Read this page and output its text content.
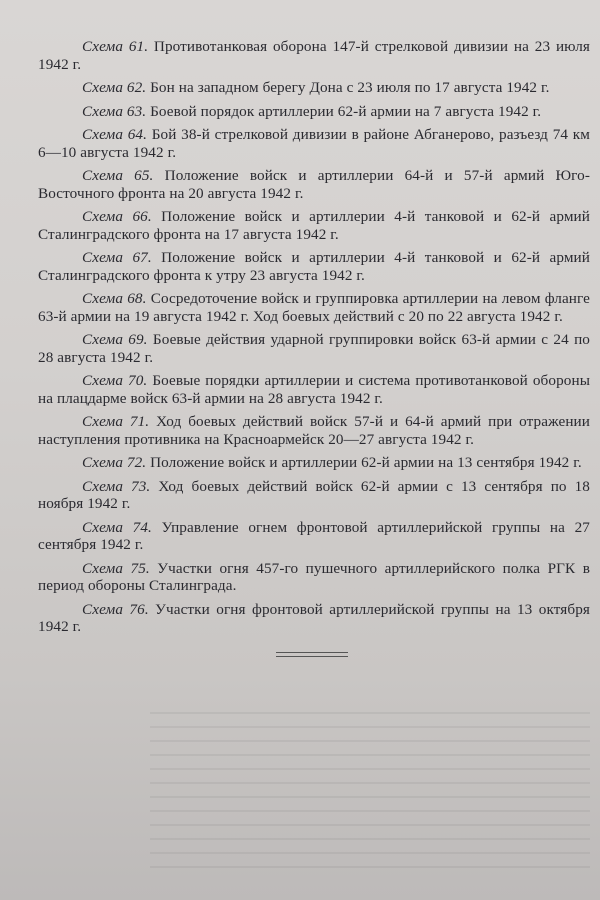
Схема 61. Противотанковая оборона 147-й стрелковой дивизии на 23 июля 1942 г.

Схема 62. Бон на западном берегу Дона с 23 июля по 17 августа 1942 г.

Схема 63. Боевой порядок артиллерии 62-й армии на 7 августа 1942 г.

Схема 64. Бой 38-й стрелковой дивизии в районе Абганерово, разъезд 74 км 6—10 августа 1942 г.

Схема 65. Положение войск и артиллерии 64-й и 57-й армий Юго-Восточного фронта на 20 августа 1942 г.

Схема 66. Положение войск и артиллерии 4-й танковой и 62-й армий Сталинградского фронта на 17 августа 1942 г.

Схема 67. Положение войск и артиллерии 4-й танковой и 62-й армий Сталинградского фронта к утру 23 августа 1942 г.

Схема 68. Сосредоточение войск и группировка артиллерии на левом фланге 63-й армии на 19 августа 1942 г. Ход боевых действий с 20 по 22 августа 1942 г.

Схема 69. Боевые действия ударной группировки войск 63-й армии с 24 по 28 августа 1942 г.

Схема 70. Боевые порядки артиллерии и система противотанковой обороны на плацдарме войск 63-й армии на 28 августа 1942 г.

Схема 71. Ход боевых действий войск 57-й и 64-й армий при отражении наступления противника на Красноармейск 20—27 августа 1942 г.

Схема 72. Положение войск и артиллерии 62-й армии на 13 сентября 1942 г.

Схема 73. Ход боевых действий войск 62-й армии с 13 сентября по 18 ноября 1942 г.

Схема 74. Управление огнем фронтовой артиллерийской группы на 27 сентября 1942 г.

Схема 75. Участки огня 457-го пушечного артиллерийского полка РГК в период обороны Сталинграда.

Схема 76. Участки огня фронтовой артиллерийской группы на 13 октября 1942 г.
